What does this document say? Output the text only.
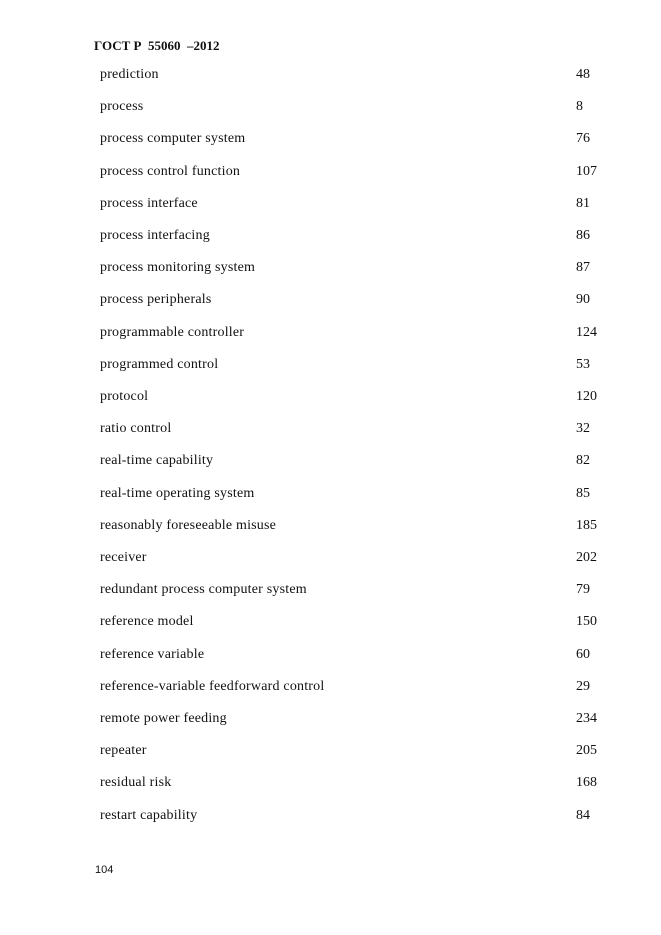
ГОСТ Р  55060  –2012
prediction	48
process	8
process computer system	76
process control function	107
process interface	81
process interfacing	86
process monitoring system	87
process peripherals	90
programmable controller	124
programmed control	53
protocol	120
ratio control	32
real-time capability	82
real-time operating system	85
reasonably foreseeable misuse	185
receiver	202
redundant process computer system	79
reference model	150
reference variable	60
reference-variable feedforward control	29
remote power feeding	234
repeater	205
residual risk	168
restart capability	84
104
